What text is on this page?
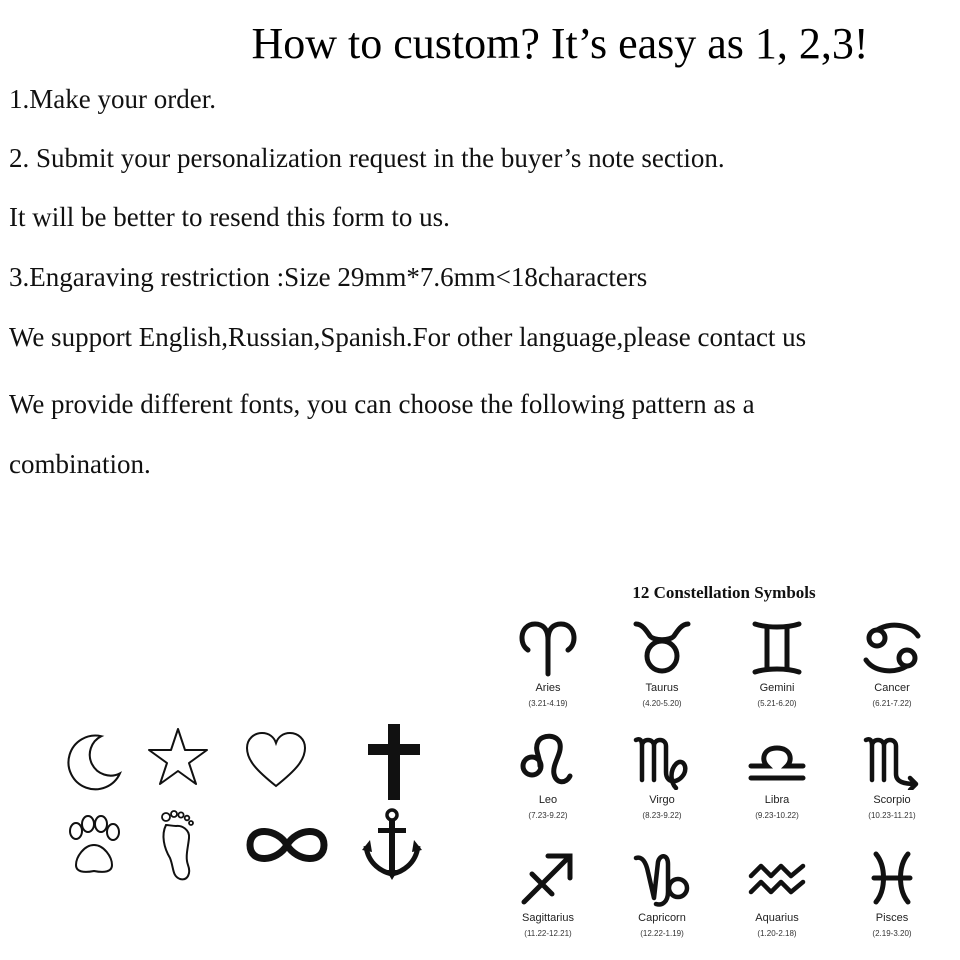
How to custom? It’s easy as 1, 2,3!
1.Make your order.
2. Submit your personalization request in the buyer’s note section.
It will be better to resend this form to us.
3.Engaraving restriction :Size 29mm*7.6mm<18characters
We support English,Russian,Spanish.For other language,please contact us
We provide different fonts, you can choose the following pattern as a
combination.
12 Constellation Symbols
Aries
(3.21-4.19)
Taurus
(4.20-5.20)
Gemini
(5.21-6.20)
Cancer
(6.21-7.22)
Leo
(7.23-9.22)
Virgo
(8.23-9.22)
Libra
(9.23-10.22)
Scorpio
(10.23-11.21)
Sagittarius
(11.22-12.21)
Capricorn
(12.22-1.19)
Aquarius
(1.20-2.18)
Pisces
(2.19-3.20)
